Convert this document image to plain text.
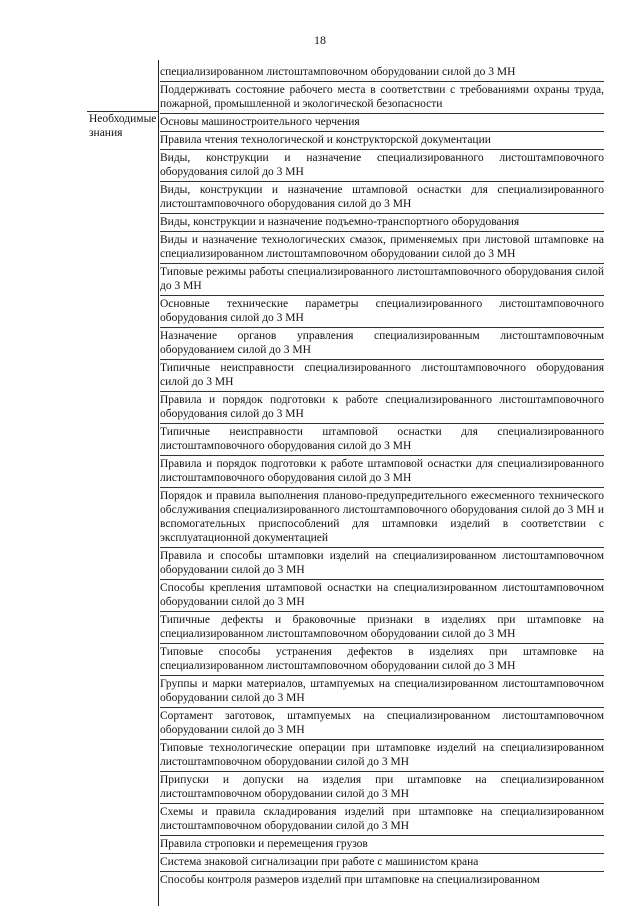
18
Необходимые знания
специализированном листоштамповочном оборудовании силой до 3 МН
Поддерживать состояние рабочего места в соответствии с требованиями охраны труда, пожарной, промышленной и экологической безопасности
Основы машиностроительного черчения
Правила чтения технологической и конструкторской документации
Виды, конструкции и назначение специализированного листоштамповочного оборудования силой до 3 МН
Виды, конструкции и назначение штамповой оснастки для специализированного листоштамповочного оборудования силой до 3 МН
Виды, конструкции и назначение подъемно-транспортного оборудования
Виды и назначение технологических смазок, применяемых при листовой штамповке на специализированном листоштамповочном оборудовании силой до 3 МН
Типовые режимы работы специализированного листоштамповочного оборудования силой до 3 МН
Основные технические параметры специализированного листоштамповочного оборудования силой до 3 МН
Назначение органов управления специализированным листоштамповочным оборудованием силой до 3 МН
Типичные неисправности специализированного листоштамповочного оборудования силой до 3 МН
Правила и порядок подготовки к работе специализированного листоштамповочного оборудования силой до 3 МН
Типичные неисправности штамповой оснастки для специализированного листоштамповочного оборудования силой до 3 МН
Правила и порядок подготовки к работе штамповой оснастки для специализированного листоштамповочного оборудования силой до 3 МН
Порядок и правила выполнения планово-предупредительного ежесменного технического обслуживания специализированного листоштамповочного оборудования силой до 3 МН и вспомогательных приспособлений для штамповки изделий в соответствии с эксплуатационной документацией
Правила и способы штамповки изделий на специализированном листоштамповочном оборудовании силой до 3 МН
Способы крепления штамповой оснастки на специализированном листоштамповочном оборудовании силой до 3 МН
Типичные дефекты и браковочные признаки в изделиях при штамповке на специализированном листоштамповочном оборудовании силой до 3 МН
Типовые способы устранения дефектов в изделиях при штамповке на специализированном листоштамповочном оборудовании силой до 3 МН
Группы и марки материалов, штампуемых на специализированном листоштамповочном оборудовании силой до 3 МН
Сортамент заготовок, штампуемых на специализированном листоштамповочном оборудовании силой до 3 МН
Типовые технологические операции при штамповке изделий на специализированном листоштамповочном оборудовании силой до 3 МН
Припуски и допуски на изделия при штамповке на специализированном листоштамповочном оборудовании силой до 3 МН
Схемы и правила складирования изделий при штамповке на специализированном листоштамповочном оборудовании силой до 3 МН
Правила строповки и перемещения грузов
Система знаковой сигнализации при работе с машинистом крана
Способы контроля размеров изделий при штамповке на специализированном
